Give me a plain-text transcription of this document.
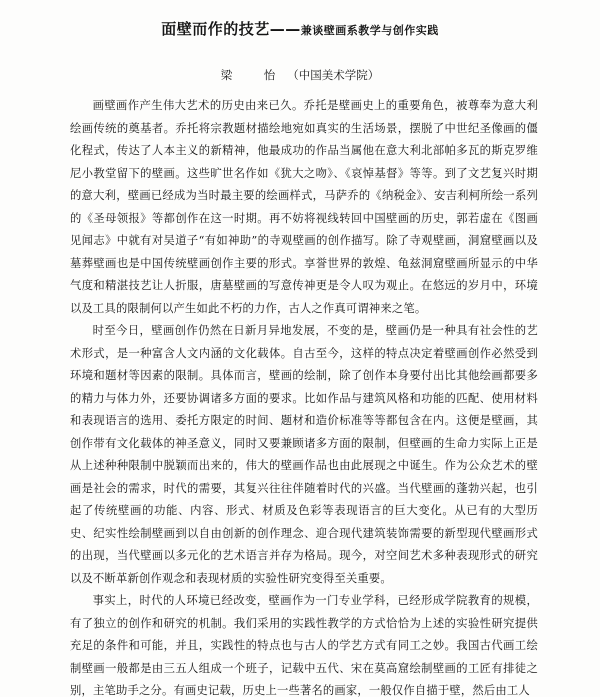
面壁而作的技艺——兼谈壁画系教学与创作实践
梁　怡 （中国美术学院）

画壁画作产生伟大艺术的历史由来已久。乔托是壁画史上的重要角色，被尊奉为意大利绘画传统的奠基者。乔托将宗教题材描绘地宛如真实的生活场景，摆脱了中世纪圣像画的僵化程式，传达了人本主义的新精神，他最成功的作品当属他在意大利北部帕多瓦的斯克罗维尼小教堂留下的壁画。这些旷世名作如《犹大之吻》、《哀悼基督》等等。到了文艺复兴时期的意大利，壁画已经成为当时最主要的绘画样式，马萨乔的《纳税金》、安吉利柯所绘一系列的《圣母领报》等都创作在这一时期。再不妨将视线转回中国壁画的历史，郭若虚在《图画见闻志》中就有对吴道子“有如神助”的寺观壁画的创作描写。除了寺观壁画，洞窟壁画以及墓葬壁画也是中国传统壁画创作主要的形式。享誉世界的敦煌、龟兹洞窟壁画所显示的中华气度和精湛技艺让人折服，唐墓壁画的写意传神更是令人叹为观止。在悠远的岁月中，环境以及工具的限制何以产生如此不朽的力作，古人之作真可谓神来之笔。

时至今日，壁画创作仍然在日新月异地发展，不变的是，壁画仍是一种具有社会性的艺术形式，是一种富含人文内涵的文化载体。自古至今，这样的特点决定着壁画创作必然受到环境和题材等因素的限制。具体而言，壁画的绘制，除了创作本身要付出比其他绘画都要多的精力与体力外，还要协调诸多方面的要求。比如作品与建筑风格和功能的匹配、使用材料和表现语言的选用、委托方限定的时间、题材和造价标准等等都包含在内。这便是壁画，其创作带有文化载体的神圣意义，同时又要兼顾诸多方面的限制，但壁画的生命力实际上正是从上述种种限制中脱颖而出来的，伟大的壁画作品也由此展现之中诞生。作为公众艺术的壁画是社会的需求，时代的需要，其复兴往往伴随着时代的兴盛。当代壁画的蓬勃兴起，也引起了传统壁画的功能、内容、形式、材质及色彩等表现语言的巨大变化。从已有的大型历史、纪实性绘制壁画到以自由创新的创作理念、迎合现代建筑装饰需要的新型现代壁画形式的出现，当代壁画以多元化的艺术语言并存为格局。现今，对空间艺术多种表现形式的研究以及不断革新创作观念和表现材质的实验性研究变得至关重要。

事实上，时代的人环境已经改变，壁画作为一门专业学科，已经形成学院教育的规模，有了独立的创作和研究的机制。我们采用的实践性教学的方式恰恰为上述的实验性研究提供充足的条件和可能，并且，实践性的特点也与古人的学艺方式有同工之妙。我国古代画工绘制壁画一般都是由三五人组成一个班子，记载中五代、宋在莫高窟绘制壁画的工匠有排徒之别，主笔助手之分。有画史记载，历史上一些著名的画家，一般仅作自描于壁，然后由工人
